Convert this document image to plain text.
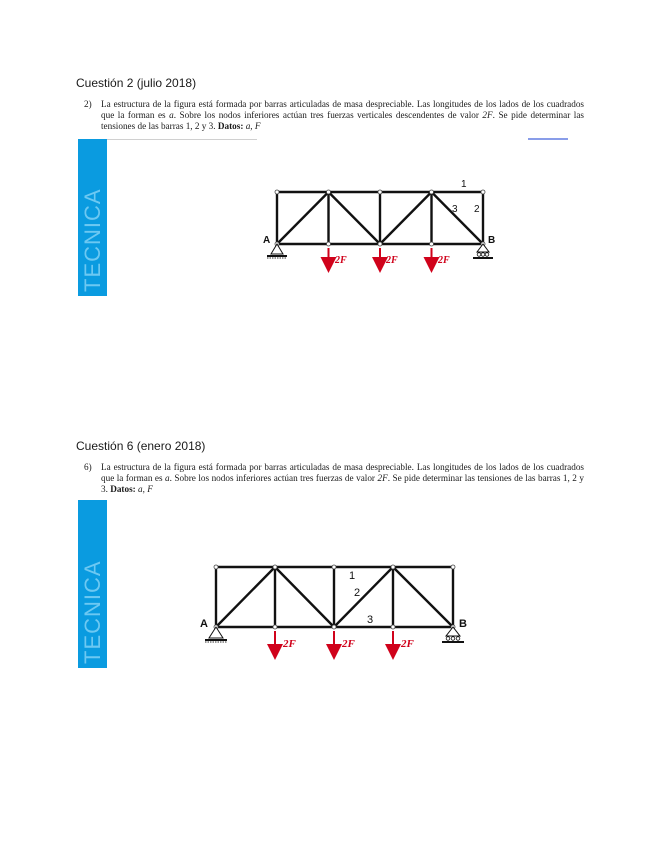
Cuestión 2 (julio 2018)
2) La estructura de la figura está formada por barras articuladas de masa despreciable. Las longitudes de los lados de los cuadrados que la forman es a. Sobre los nodos inferiores actúan tres fuerzas verticales descendentes de valor 2F. Se pide determinar las tensiones de las barras 1, 2 y 3. Datos: a, F
TECNICA	2F	2F	2F
A	B
1
2
3
Cuestión 6 (enero 2018)
6) La estructura de la figura está formada por barras articuladas de masa despreciable. Las longitudes de los lados de los cuadrados que la forman es a. Sobre los nodos inferiores actúan tres fuerzas de valor 2F. Se pide determinar las tensiones de las barras 1, 2 y 3. Datos: a, F
TECNICA	2F	2F	2F
A	B
1
2
3
